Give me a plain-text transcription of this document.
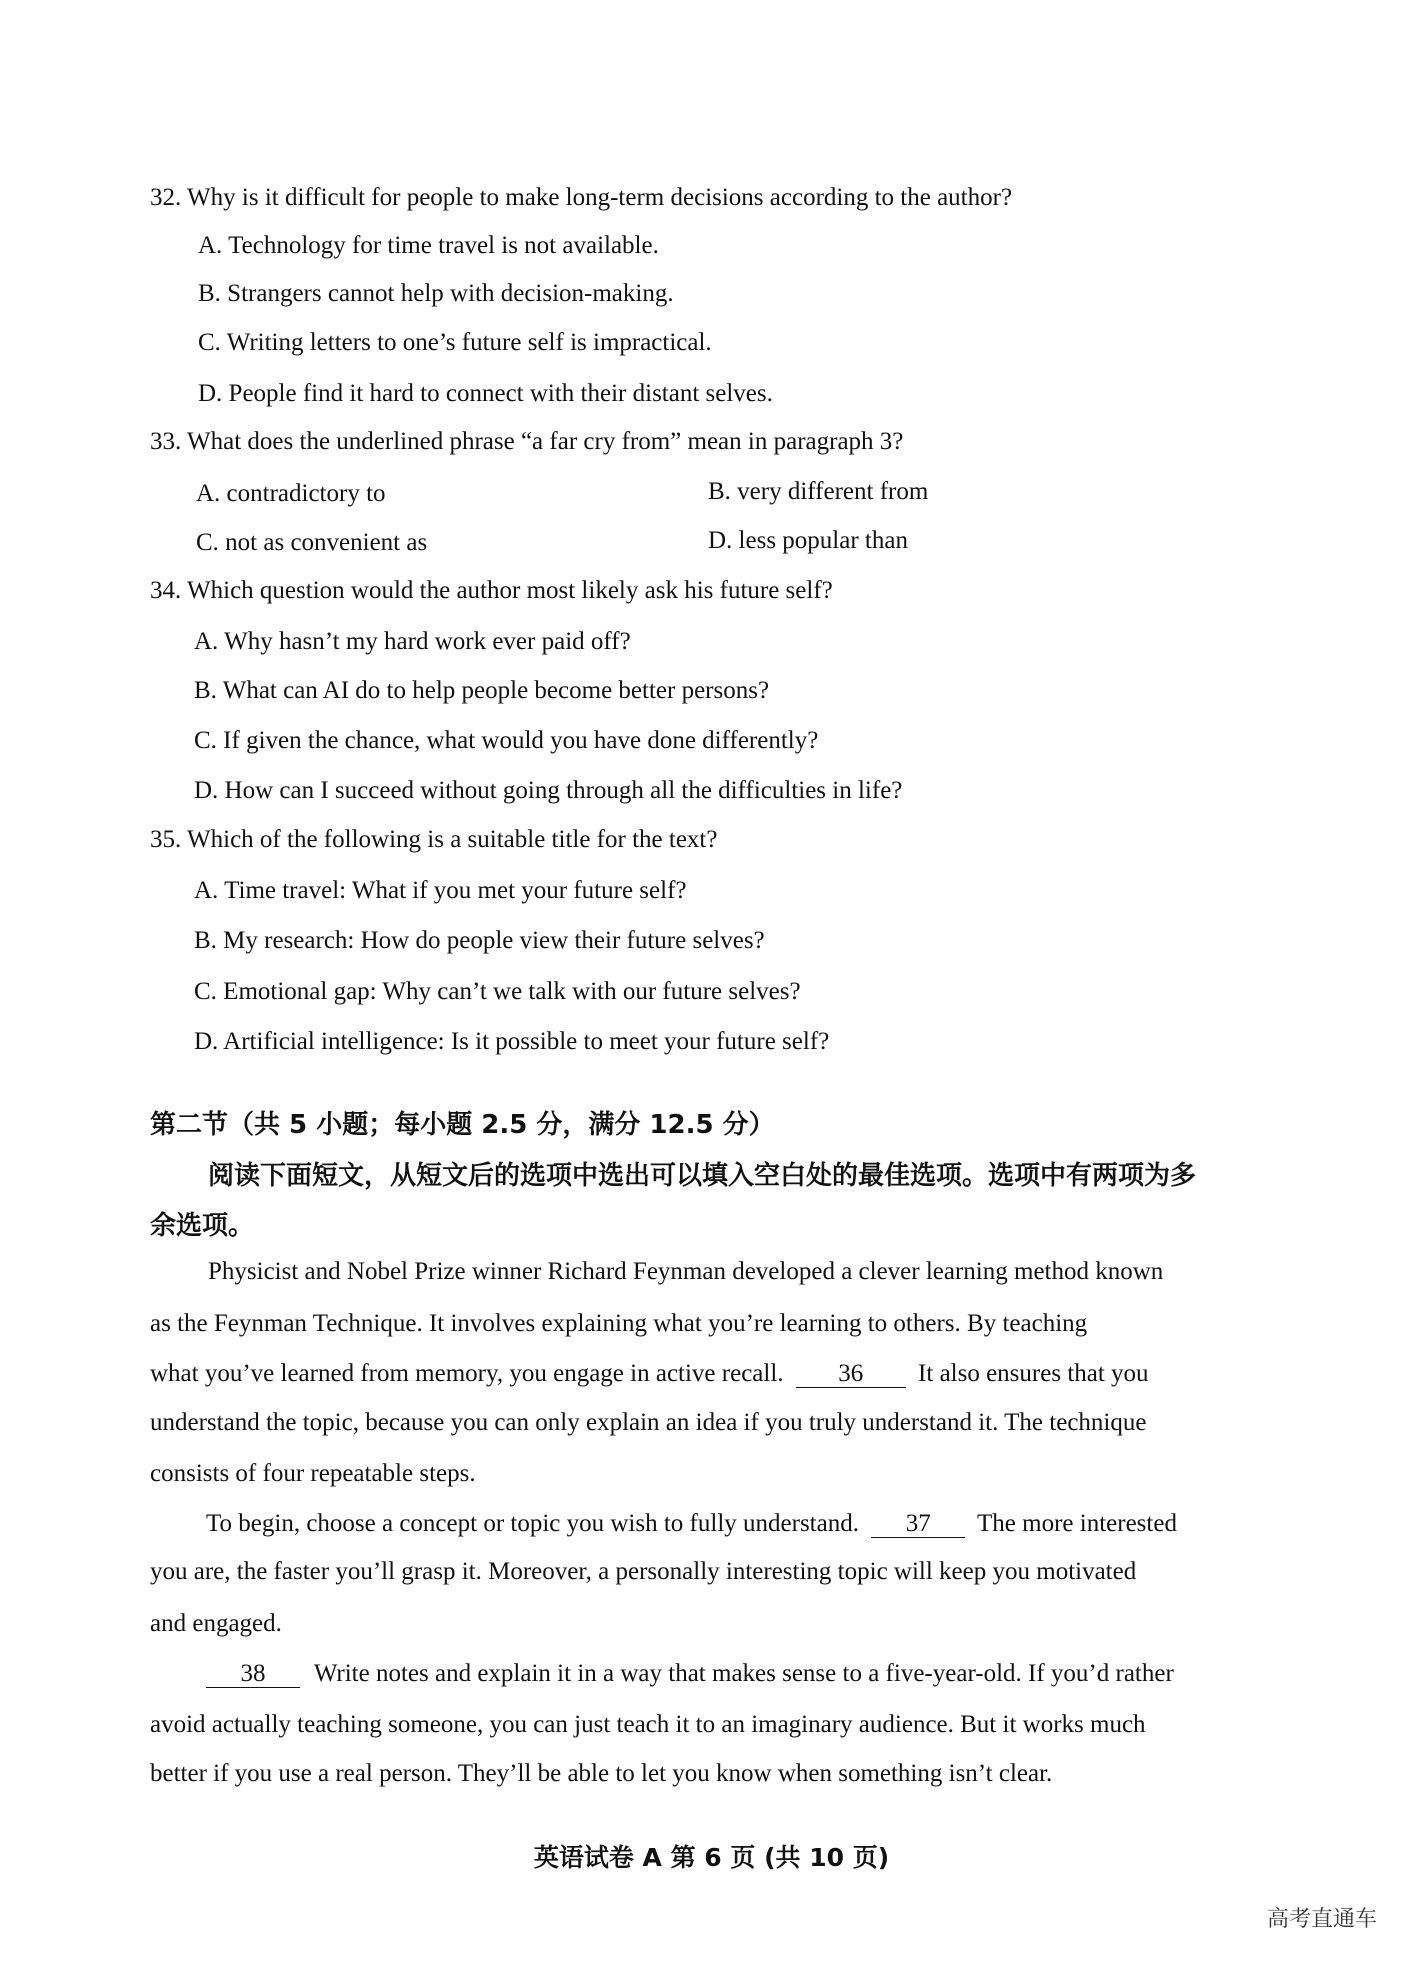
32. Why is it difficult for people to make long-term decisions according to the author?
A. Technology for time travel is not available.
B. Strangers cannot help with decision-making.
C. Writing letters to one’s future self is impractical.
D. People find it hard to connect with their distant selves.
33. What does the underlined phrase “a far cry from” mean in paragraph 3?
A. contradictory to	B. very different from
C. not as convenient as	D. less popular than
34. Which question would the author most likely ask his future self?
A. Why hasn’t my hard work ever paid off?
B. What can AI do to help people become better persons?
C. If given the chance, what would you have done differently?
D. How can I succeed without going through all the difficulties in life?
35. Which of the following is a suitable title for the text?
A. Time travel: What if you met your future self?
B. My research: How do people view their future selves?
C. Emotional gap: Why can’t we talk with our future selves?
D. Artificial intelligence: Is it possible to meet your future self?
第二节（共 5 小题；每小题 2.5 分，满分 12.5 分）
阅读下面短文，从短文后的选项中选出可以填入空白处的最佳选项。选项中有两项为多
余选项。
Physicist and Nobel Prize winner Richard Feynman developed a clever learning method known
as the Feynman Technique. It involves explaining what you’re learning to others. By teaching
what you’ve learned from memory, you engage in active recall. 36 It also ensures that you
understand the topic, because you can only explain an idea if you truly understand it. The technique
consists of four repeatable steps.
To begin, choose a concept or topic you wish to fully understand. 37 The more interested
you are, the faster you’ll grasp it. Moreover, a personally interesting topic will keep you motivated
and engaged.
38 Write notes and explain it in a way that makes sense to a five-year-old. If you’d rather
avoid actually teaching someone, you can just teach it to an imaginary audience. But it works much
better if you use a real person. They’ll be able to let you know when something isn’t clear.
英语试卷 A 第 6 页 (共 10 页)
高考直通车
